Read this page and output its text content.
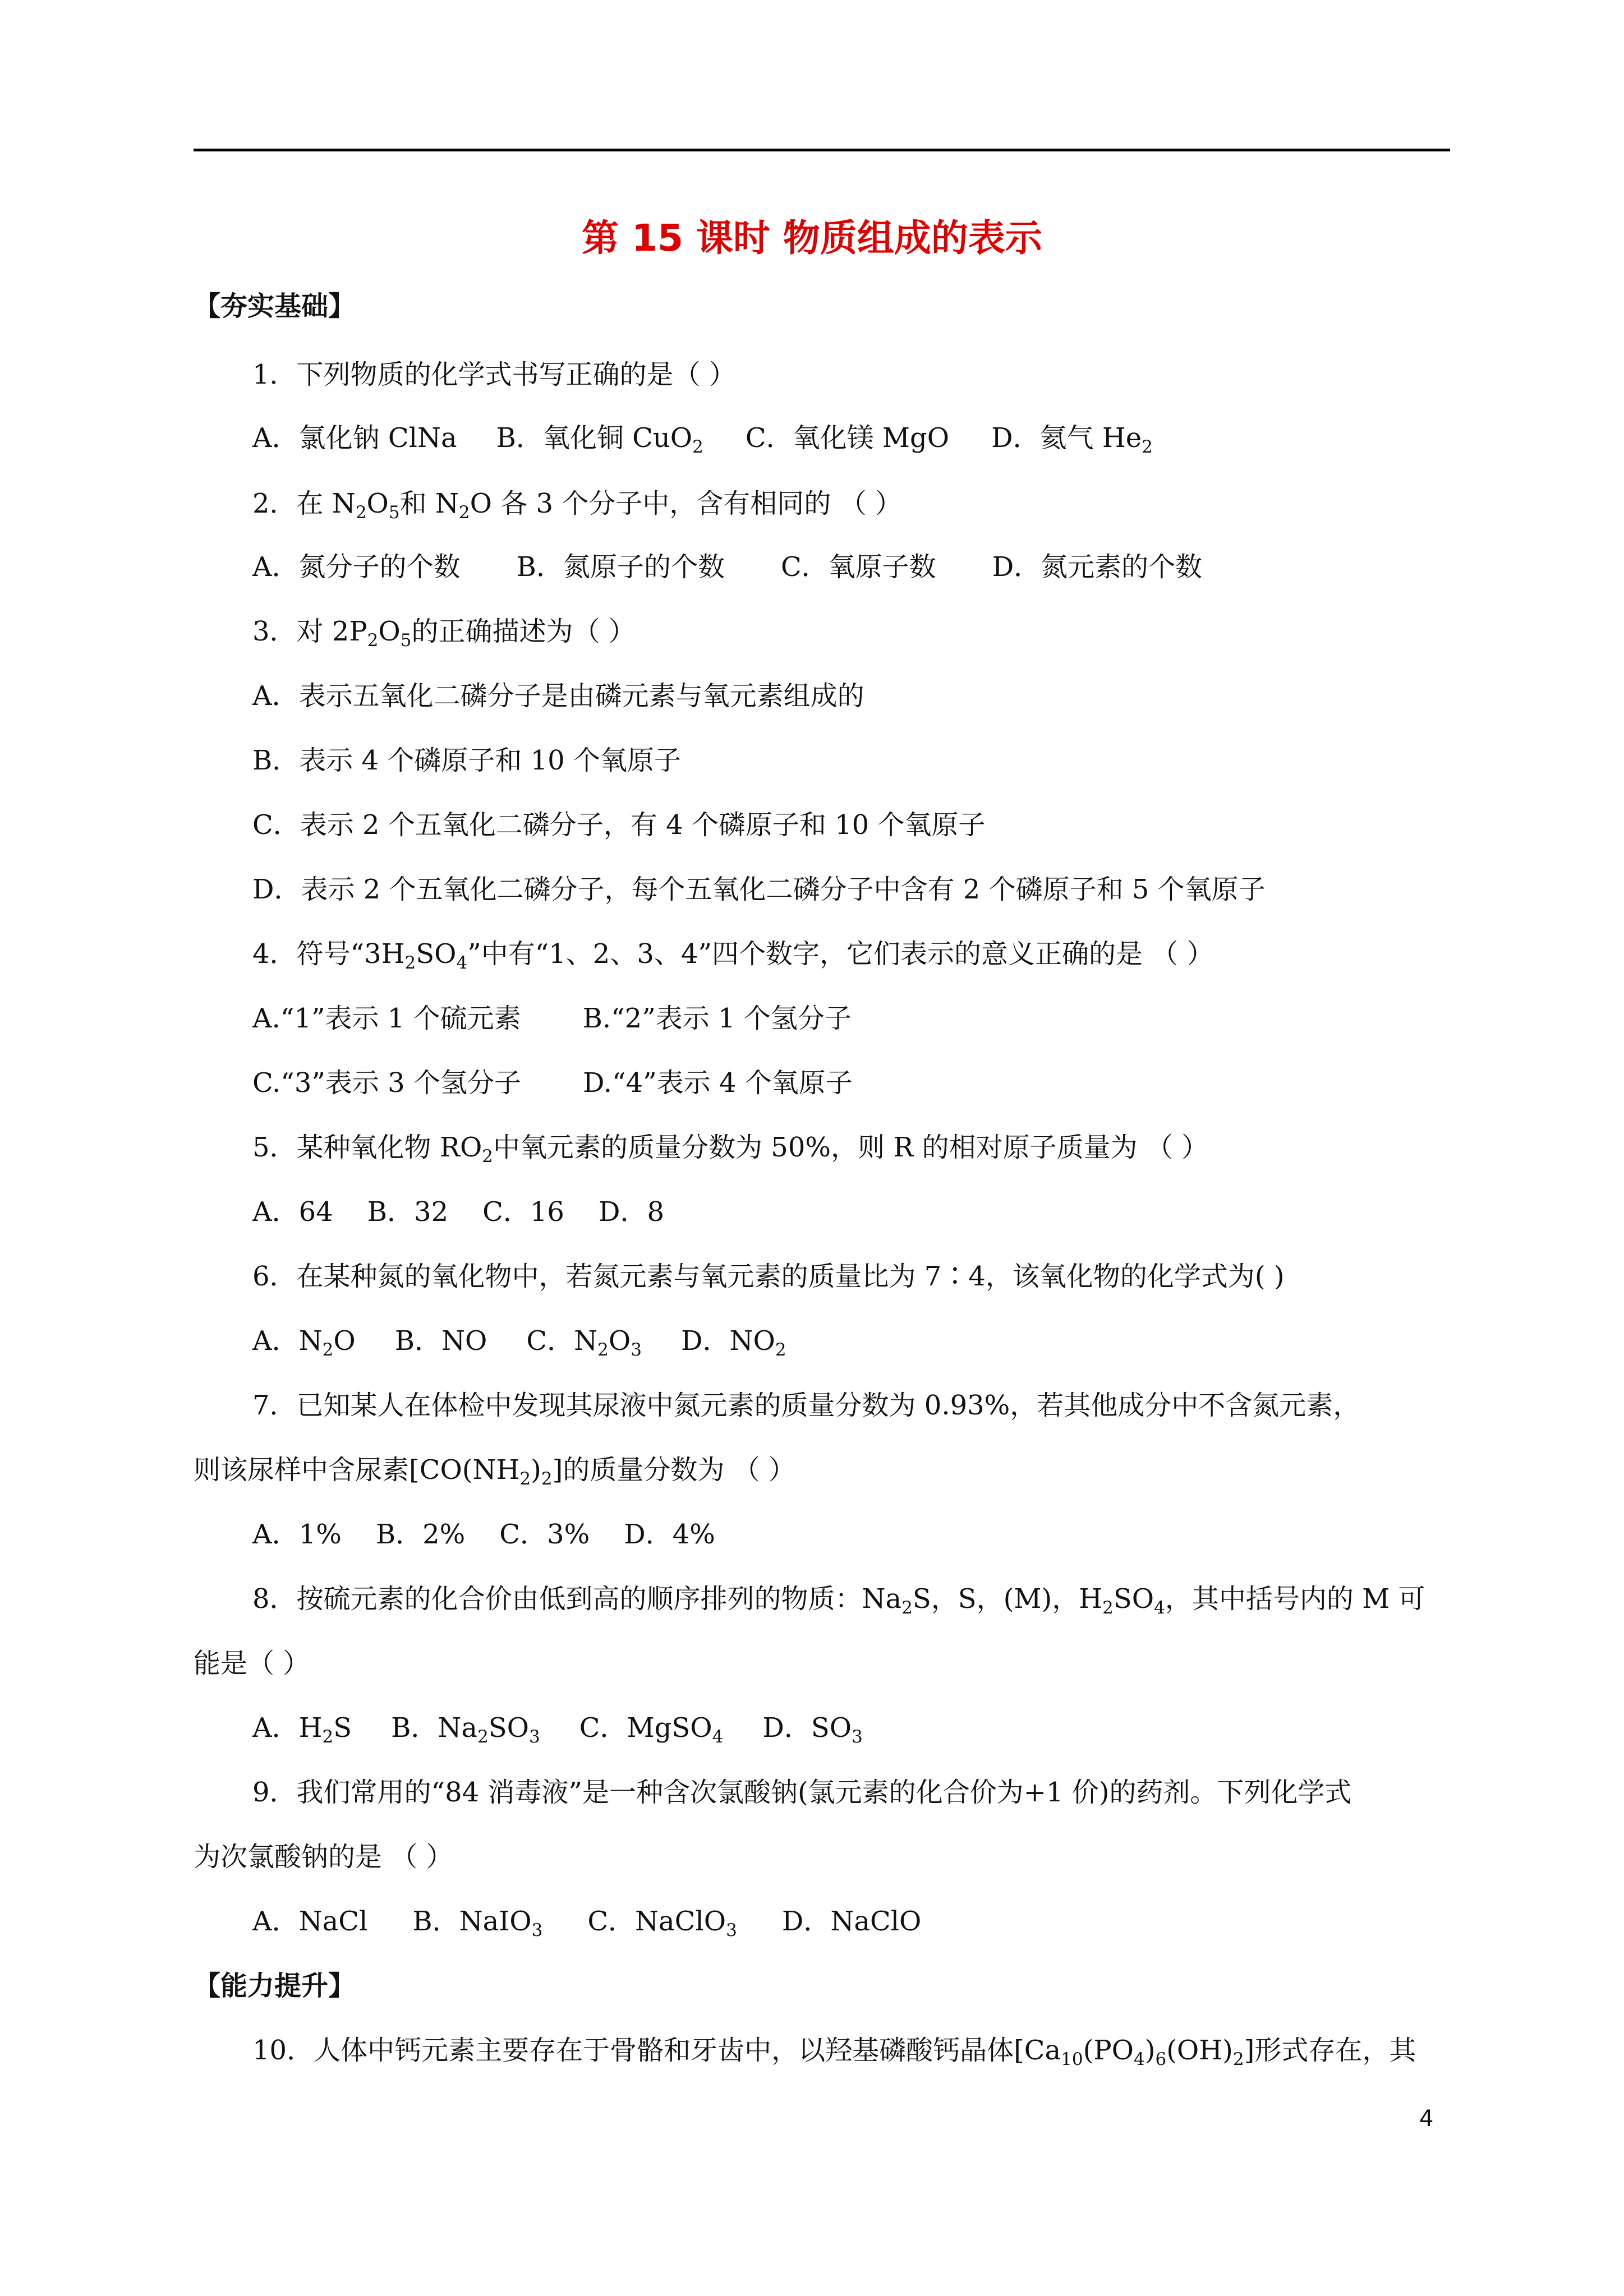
第 15 课时 物质组成的表示
【夯实基础】
1．下列物质的化学式书写正确的是（ ）
A．氯化钠 ClNa B．氧化铜 CuO$_2$ C．氧化镁 MgO D．氦气 $He_2$
2．在 $N_2O_5$和 $N_2O$ 各 3 个分子中，含有相同的 （ ）
A．氮分子的个数 B．氮原子的个数 C．氧原子数 D．氮元素的个数
3．对 $2P_2O_5$的正确描述为（ ）
A．表示五氧化二磷分子是由磷元素与氧元素组成的
B．表示 4 个磷原子和 10 个氧原子
C．表示 2 个五氧化二磷分子，有 4 个磷原子和 10 个氧原子
D．表示 2 个五氧化二磷分子，每个五氧化二磷分子中含有 2 个磷原子和 5 个氧原子
4．符号“$3H_2SO_4$”中有“1、2、3、4”四个数字，它们表示的意义正确的是 （ ）
A.“1”表示 1 个硫元素 B.“2”表示 1 个氢分子
C.“3”表示 3 个氢分子 D.“4”表示 4 个氧原子
5．某种氧化物 $RO_2$中氧元素的质量分数为 50%，则 R 的相对原子质量为 （ ）
A．64    B．32    C．16    D．8
6．在某种氮的氧化物中，若氮元素与氧元素的质量比为 7∶4，该氧化物的化学式为( )
A．$N_2O$ B．NO C．$N_2O_3$ D．$NO_2$
7．已知某人在体检中发现其尿液中氮元素的质量分数为 0.93%，若其他成分中不含氮元素，
则该尿样中含尿素$[CO(NH_2)_2]$的质量分数为 （ ）
A．1%    B．2%    C．3%    D．4%
8．按硫元素的化合价由低到高的顺序排列的物质：$Na_2S$，S，(M)，$H_2SO_4$，其中括号内的 M 可
能是（ ）
A．$H_2S$ B．$Na_2SO_3$ C．MgSO$_4$ D．$SO_3$
9．我们常用的“84 消毒液”是一种含次氯酸钠(氯元素的化合价为+1 价)的药剂。下列化学式
为次氯酸钠的是 （ ）
A．NaCl B．NaIO$_3$ C．NaClO$_3$ D．NaClO
【能力提升】
10．人体中钙元素主要存在于骨骼和牙齿中，以羟基磷酸钙晶体$[Ca_{10}(PO_4)_6(OH)_2]$形式存在，其
4
